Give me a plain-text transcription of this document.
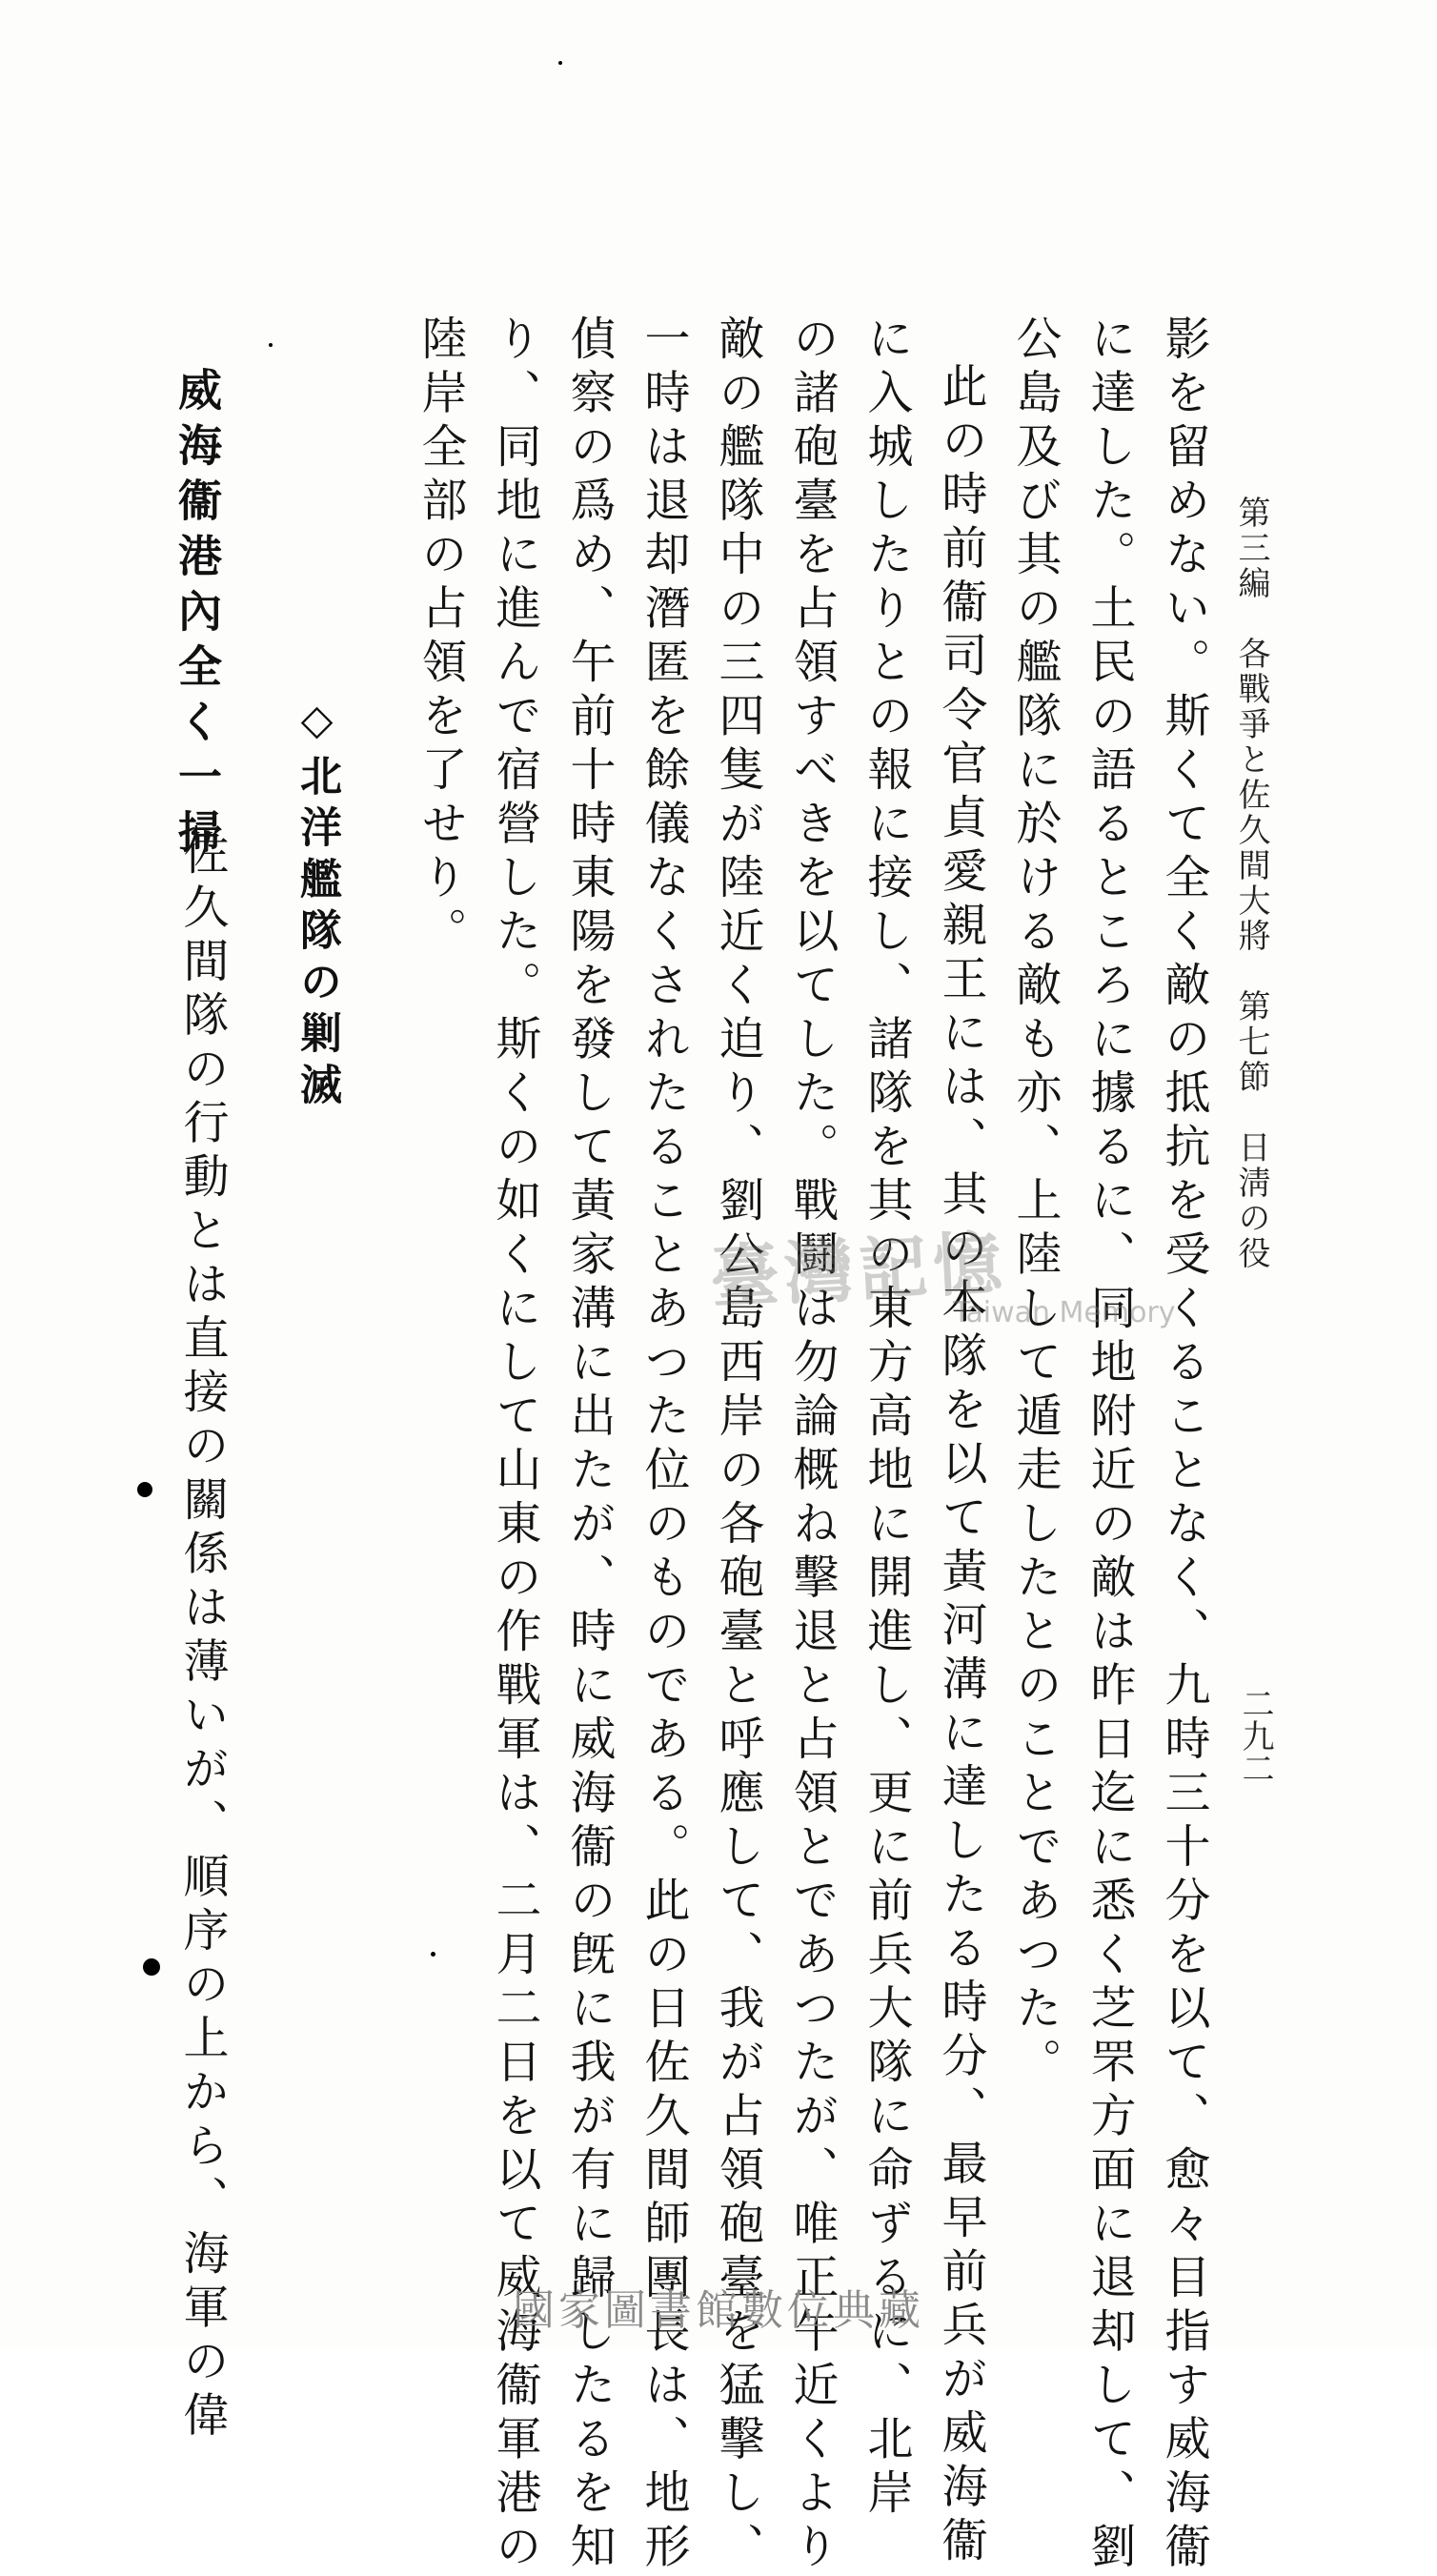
第三編　各戰爭と佐久間大將　第七節　日淸の役
二九二
影を留めない。斯くて全く敵の抵抗を受くることなく、九時三十分を以て、愈々目指す威海衞
に達した。土民の語るところに據るに、同地附近の敵は昨日迄に悉く芝罘方面に退却して、劉
公島及び其の艦隊に於ける敵も亦、上陸して遁走したとのことであつた。
此の時前衞司令官貞愛親王には、其の本隊を以て黃河溝に達したる時分、最早前兵が威海衞
に入城したりとの報に接し、諸隊を其の東方高地に開進し、更に前兵大隊に命ずるに、北岸
の諸砲臺を占領すべきを以てした。戰鬪は勿論概ね擊退と占領とであつたが、唯正午近くより
敵の艦隊中の三四隻が陸近く迫り、劉公島西岸の各砲臺と呼應して、我が占領砲臺を猛擊し、
一時は退却潛匿を餘儀なくされたることあつた位のものである。此の日佐久間師團長は、地形
偵察の爲め、午前十時東陽を發して黃家溝に出たが、時に威海衞の旣に我が有に歸したるを知
り、同地に進んで宿營した。斯くの如くにして山東の作戰軍は、二月二日を以て威海衞軍港の
陸岸全部の占領を了せり。
◇北洋艦隊の剿滅
威海衞港內全く一掃
佐久間隊の行動とは直接の關係は薄いが、順序の上から、海軍の偉	臺灣記憶
Taiwan Memory
國家圖書館數位典藏
